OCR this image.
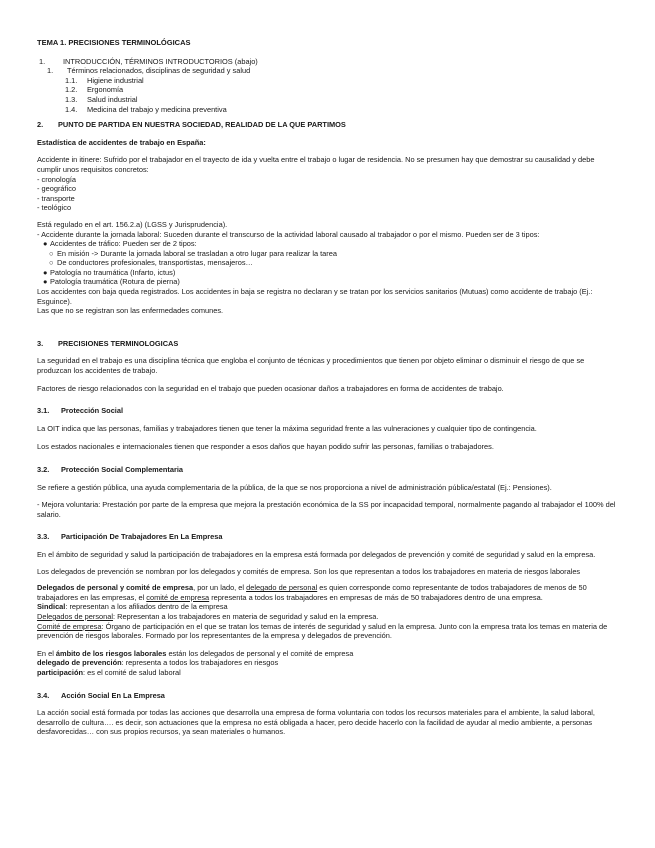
TEMA 1. PRECISIONES TERMINOLÓGICAS

1.	INTRODUCCIÓN, TÉRMINOS INTRODUCTORIOS (abajo)
1.	Términos relacionados, disciplinas de seguridad y salud
1.1.	Higiene industrial
1.2.	Ergonomía
1.3.	Salud industrial
1.4.	Medicina del trabajo y medicina preventiva
2.	PUNTO DE PARTIDA EN NUESTRA SOCIEDAD, REALIDAD DE LA QUE PARTIMOS

Estadística de accidentes de trabajo en España:

Accidente in itinere: Sufrido por el trabajador en el trayecto de ida y vuelta entre el trabajo o lugar de residencia. No se presumen hay que demostrar su causalidad y debe cumplir unos requisitos concretos:

- cronología

- geográfico

- transporte

- teológico

Está regulado en el art. 156.2.a) (LGSS y Jurisprudencia).

- Accidente durante la jornada laboral: Suceden durante el transcurso de la actividad laboral causado al trabajador o por el mismo. Pueden ser de 3 tipos:

● Accidentes de tráfico: Pueden ser de 2 tipos:
○ En misión -> Durante la jornada laboral se trasladan a otro lugar para realizar la tarea
○ De conductores profesionales, transportistas, mensajeros…
● Patología no traumática (Infarto, ictus)
● Patología traumática (Rotura de pierna)

Los accidentes con baja queda registrados. Los accidentes in baja se registra no declaran y se tratan por los servicios sanitarios (Mutuas) como accidente de trabajo (Ej.: Esguince).

Las que no se registran son las enfermedades comunes.

3.	PRECISIONES TERMINOLOGICAS

La seguridad en el trabajo es una disciplina técnica que engloba el conjunto de técnicas y procedimientos que tienen por objeto eliminar o disminuir el riesgo de que se produzcan los accidentes de trabajo.

Factores de riesgo relacionados con la seguridad en el trabajo que pueden ocasionar daños a trabajadores en forma de accidentes de trabajo.

3.1.	Protección Social

La OIT indica que las personas, familias y trabajadores tienen que tener la máxima seguridad frente a las vulneraciones y cualquier tipo de contingencia.

Los estados nacionales e internacionales tienen que responder a esos daños que hayan podido sufrir las personas, familias o trabajadores.

3.2.	Protección Social Complementaria

Se refiere a gestión pública, una ayuda complementaria de la pública, de la que se nos proporciona a nivel de administración pública/estatal (Ej.: Pensiones).

- Mejora voluntaria: Prestación por parte de la empresa que mejora la prestación económica de la SS por incapacidad temporal, normalmente pagando al trabajador el 100% del salario.

3.3.	Participación De Trabajadores En La Empresa

En el ámbito de seguridad y salud la participación de trabajadores en la empresa está formada por delegados de prevención y comité de seguridad y salud en la empresa.

Los delegados de prevención se nombran por los delegados y comités de empresa. Son los que representan a todos los trabajadores en materia de riesgos laborales

Delegados de personal y comité de empresa, por un lado, el delegado de personal es quien corresponde como representante de todos trabajadores de menos de 50 trabajadores en las empresas, el comité de empresa representa a todos los trabajadores en empresas de más de 50 trabajadores dentro de una empresa.

Sindical: representan a los afiliados dentro de la empresa

Delegados de personal: Representan a los trabajadores en materia de seguridad y salud en la empresa.

Comité de empresa: Órgano de participación en el que se tratan los temas de interés de seguridad y salud en la empresa. Junto con la empresa trata los temas en materia de prevención de riesgos laborales. Formado por los representantes de la empresa y delegados de prevención.

En el ámbito de los riesgos laborales están los delegados de personal y el comité de empresa

delegado de prevención: representa a todos los trabajadores en riesgos

participación: es el comité de salud laboral

3.4.	Acción Social En La Empresa

La acción social está formada por todas las acciones que desarrolla una empresa de forma voluntaria con todos los recursos materiales para el ambiente, la salud laboral, desarrollo de cultura…. es decir, son actuaciones que la empresa no está obligada a hacer, pero decide hacerlo con la facilidad de ayudar al medio ambiente, a personas desfavorecidas… con sus propios recursos, ya sean materiales o humanos.
